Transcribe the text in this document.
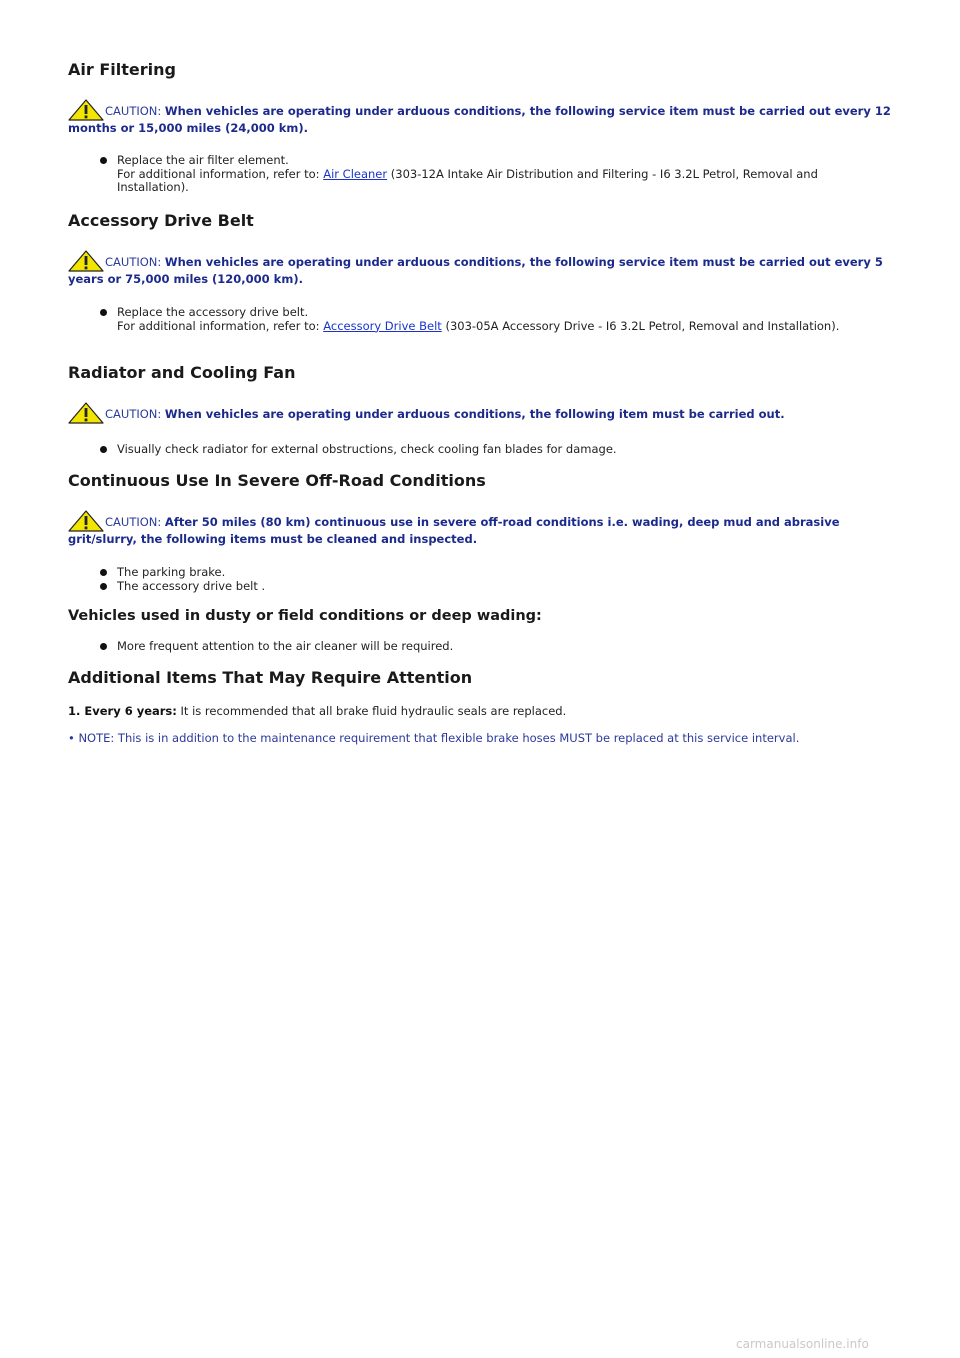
Air Filtering
CAUTION: When vehicles are operating under arduous conditions, the following service item must be carried out every 12 months or 15,000 miles (24,000 km).
Replace the air filter element.
For additional information, refer to: Air Cleaner (303-12A Intake Air Distribution and Filtering - I6 3.2L Petrol, Removal and Installation).
Accessory Drive Belt
CAUTION: When vehicles are operating under arduous conditions, the following service item must be carried out every 5 years or 75,000 miles (120,000 km).
Replace the accessory drive belt.
For additional information, refer to: Accessory Drive Belt (303-05A Accessory Drive - I6 3.2L Petrol, Removal and Installation).
Radiator and Cooling Fan
CAUTION: When vehicles are operating under arduous conditions, the following item must be carried out.
Visually check radiator for external obstructions, check cooling fan blades for damage.
Continuous Use In Severe Off-Road Conditions
CAUTION: After 50 miles (80 km) continuous use in severe off-road conditions i.e. wading, deep mud and abrasive grit/slurry, the following items must be cleaned and inspected.
The parking brake.
The accessory drive belt .
Vehicles used in dusty or field conditions or deep wading:
More frequent attention to the air cleaner will be required.
Additional Items That May Require Attention
1. Every 6 years: It is recommended that all brake fluid hydraulic seals are replaced.
• NOTE: This is in addition to the maintenance requirement that flexible brake hoses MUST be replaced at this service interval.
carmanualsonline.info
